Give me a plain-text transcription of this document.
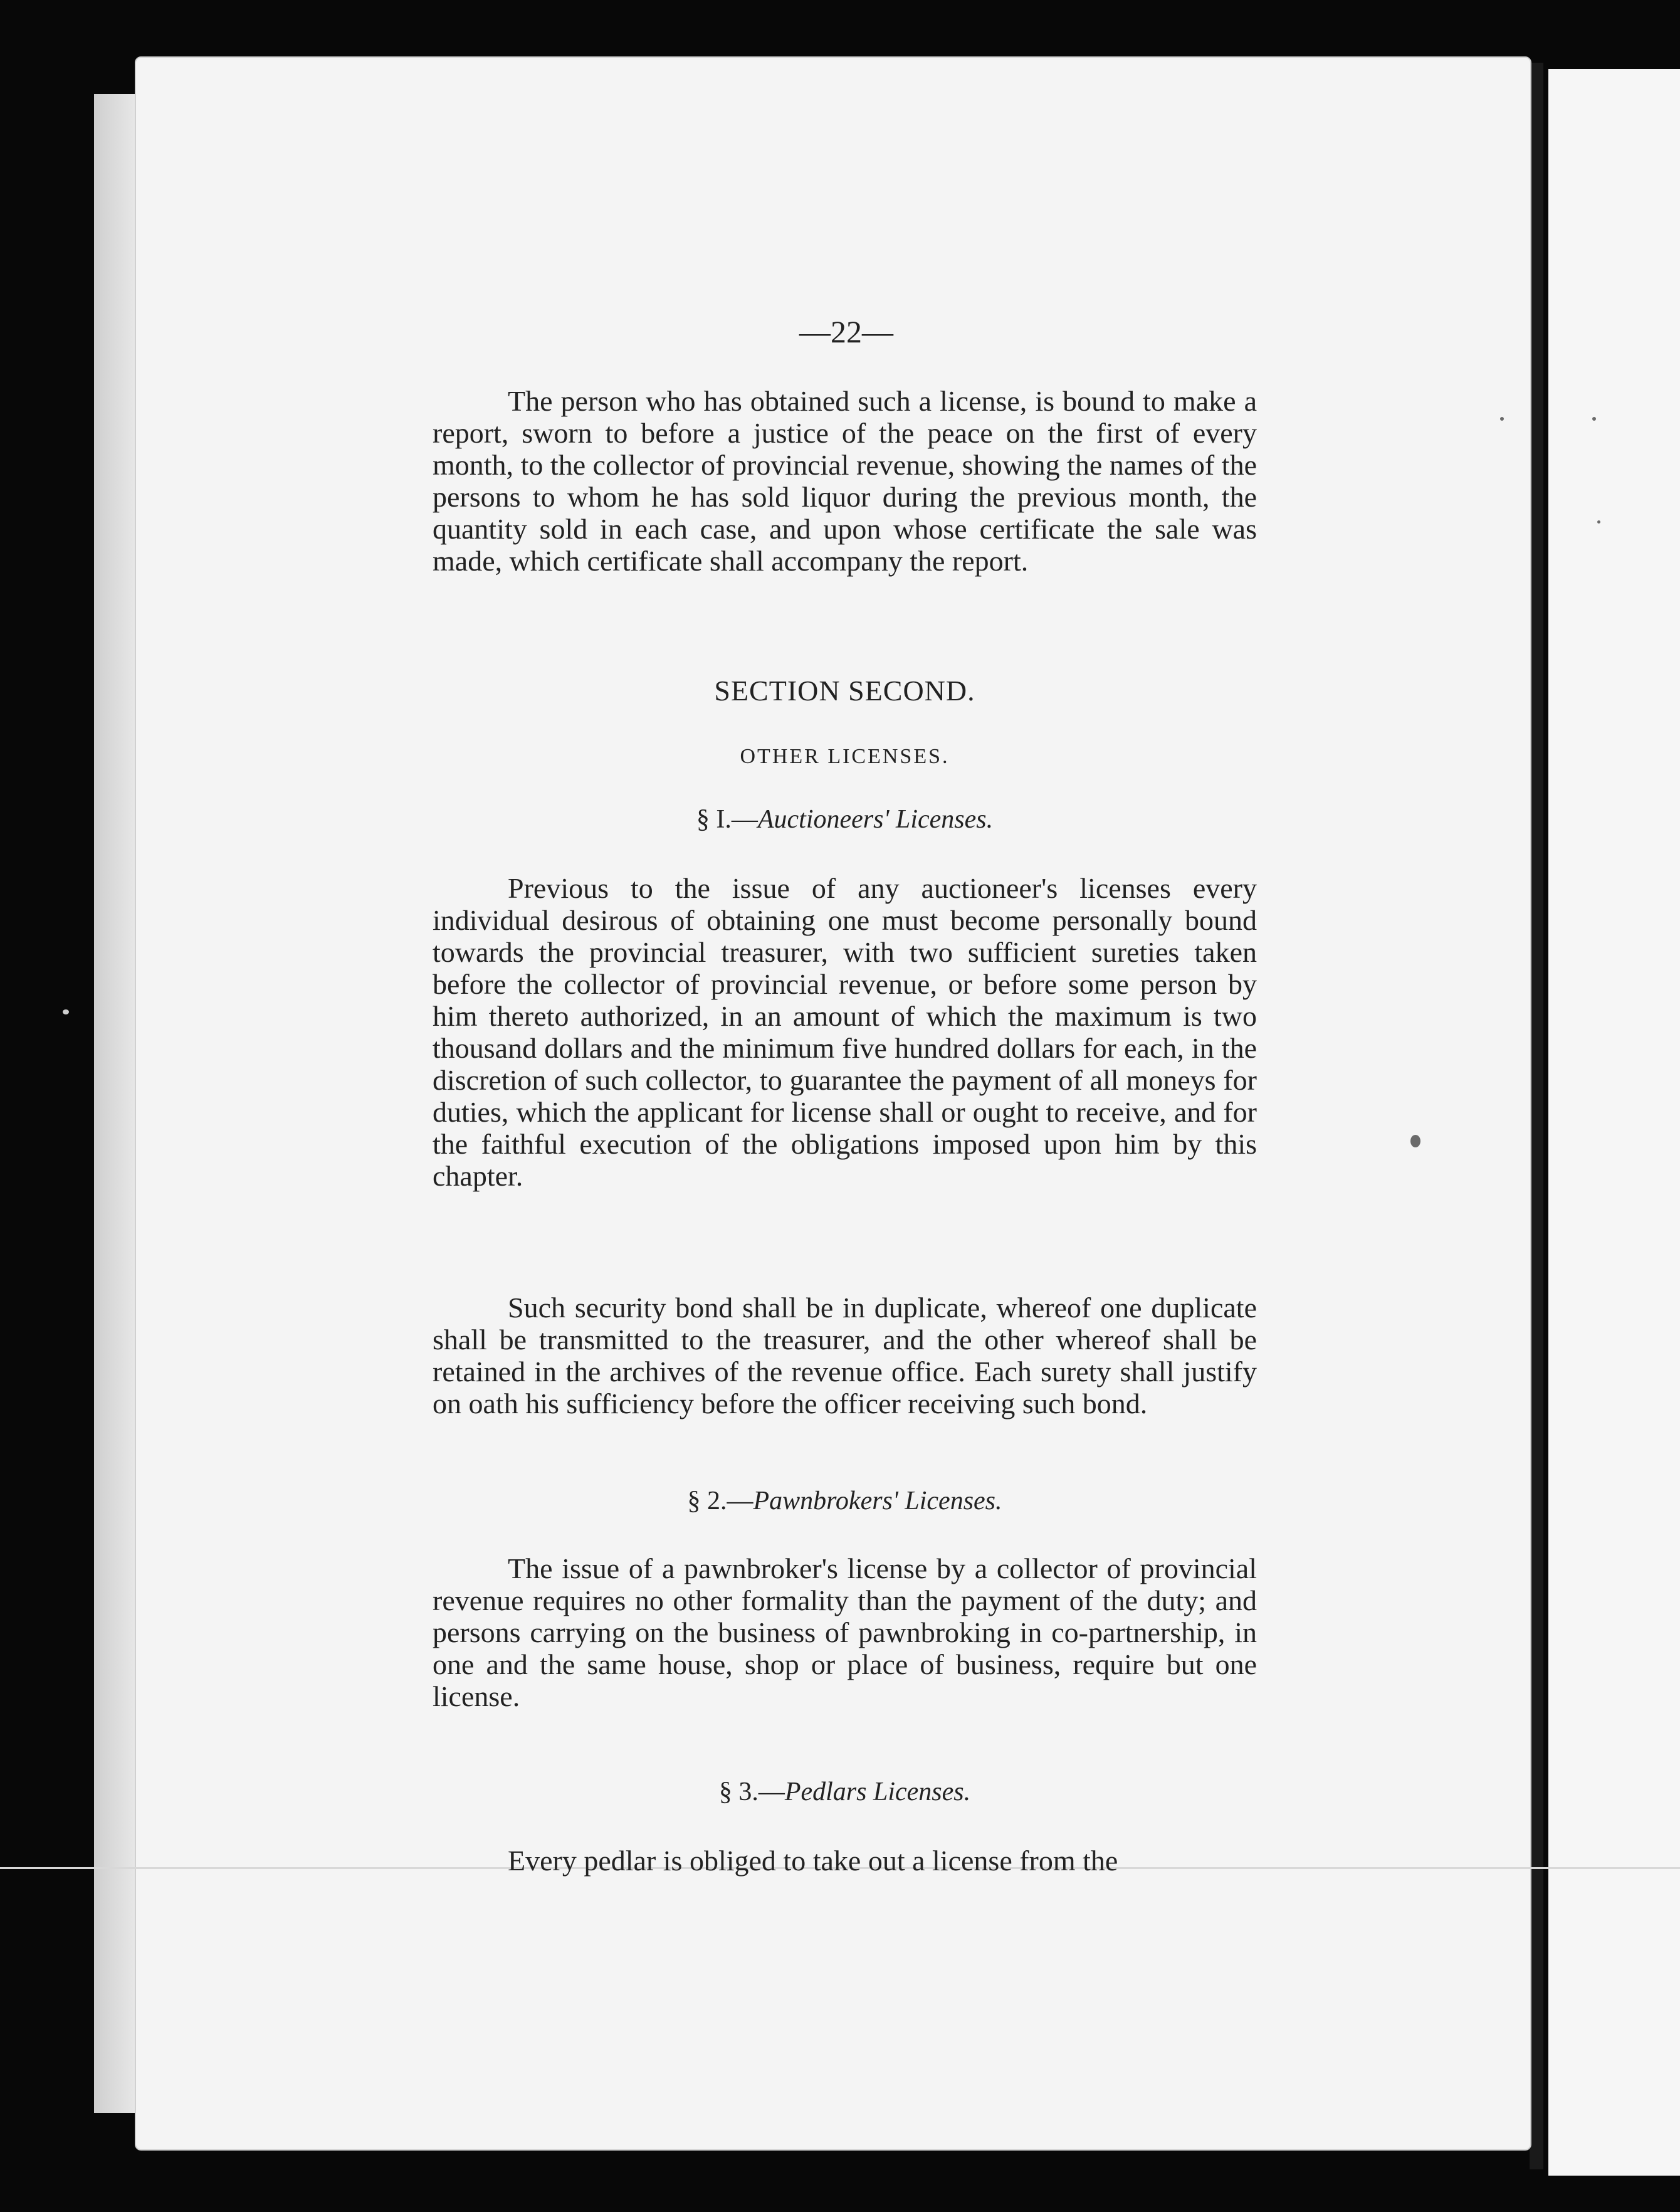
—22—

The person who has obtained such a license, is bound to make a report, sworn to before a justice of the peace on the first of every month, to the collector of provincial revenue, showing the names of the persons to whom he has sold liquor during the previous month, the quantity sold in each case, and upon whose certificate the sale was made, which certificate shall accompany the report.

SECTION SECOND.
OTHER LICENSES.
§ I.—Auctioneers' Licenses.

Previous to the issue of any auctioneer's licenses every individual desirous of obtaining one must become personally bound towards the provincial treasurer, with two sufficient sureties taken before the collector of provincial revenue, or before some person by him thereto authorized, in an amount of which the maximum is two thousand dollars and the minimum five hundred dollars for each, in the discretion of such collector, to guarantee the payment of all moneys for duties, which the applicant for license shall or ought to receive, and for the faithful execution of the obligations imposed upon him by this chapter.

Such security bond shall be in duplicate, whereof one duplicate shall be transmitted to the treasurer, and the other whereof shall be retained in the archives of the revenue office. Each surety shall justify on oath his sufficiency before the officer receiving such bond.

§ 2.—Pawnbrokers' Licenses.

The issue of a pawnbroker's license by a collector of provincial revenue requires no other formality than the payment of the duty; and persons carrying on the business of pawnbroking in co-partnership, in one and the same house, shop or place of business, require but one license.

§ 3.—Pedlars Licenses.

Every pedlar is obliged to take out a license from the
